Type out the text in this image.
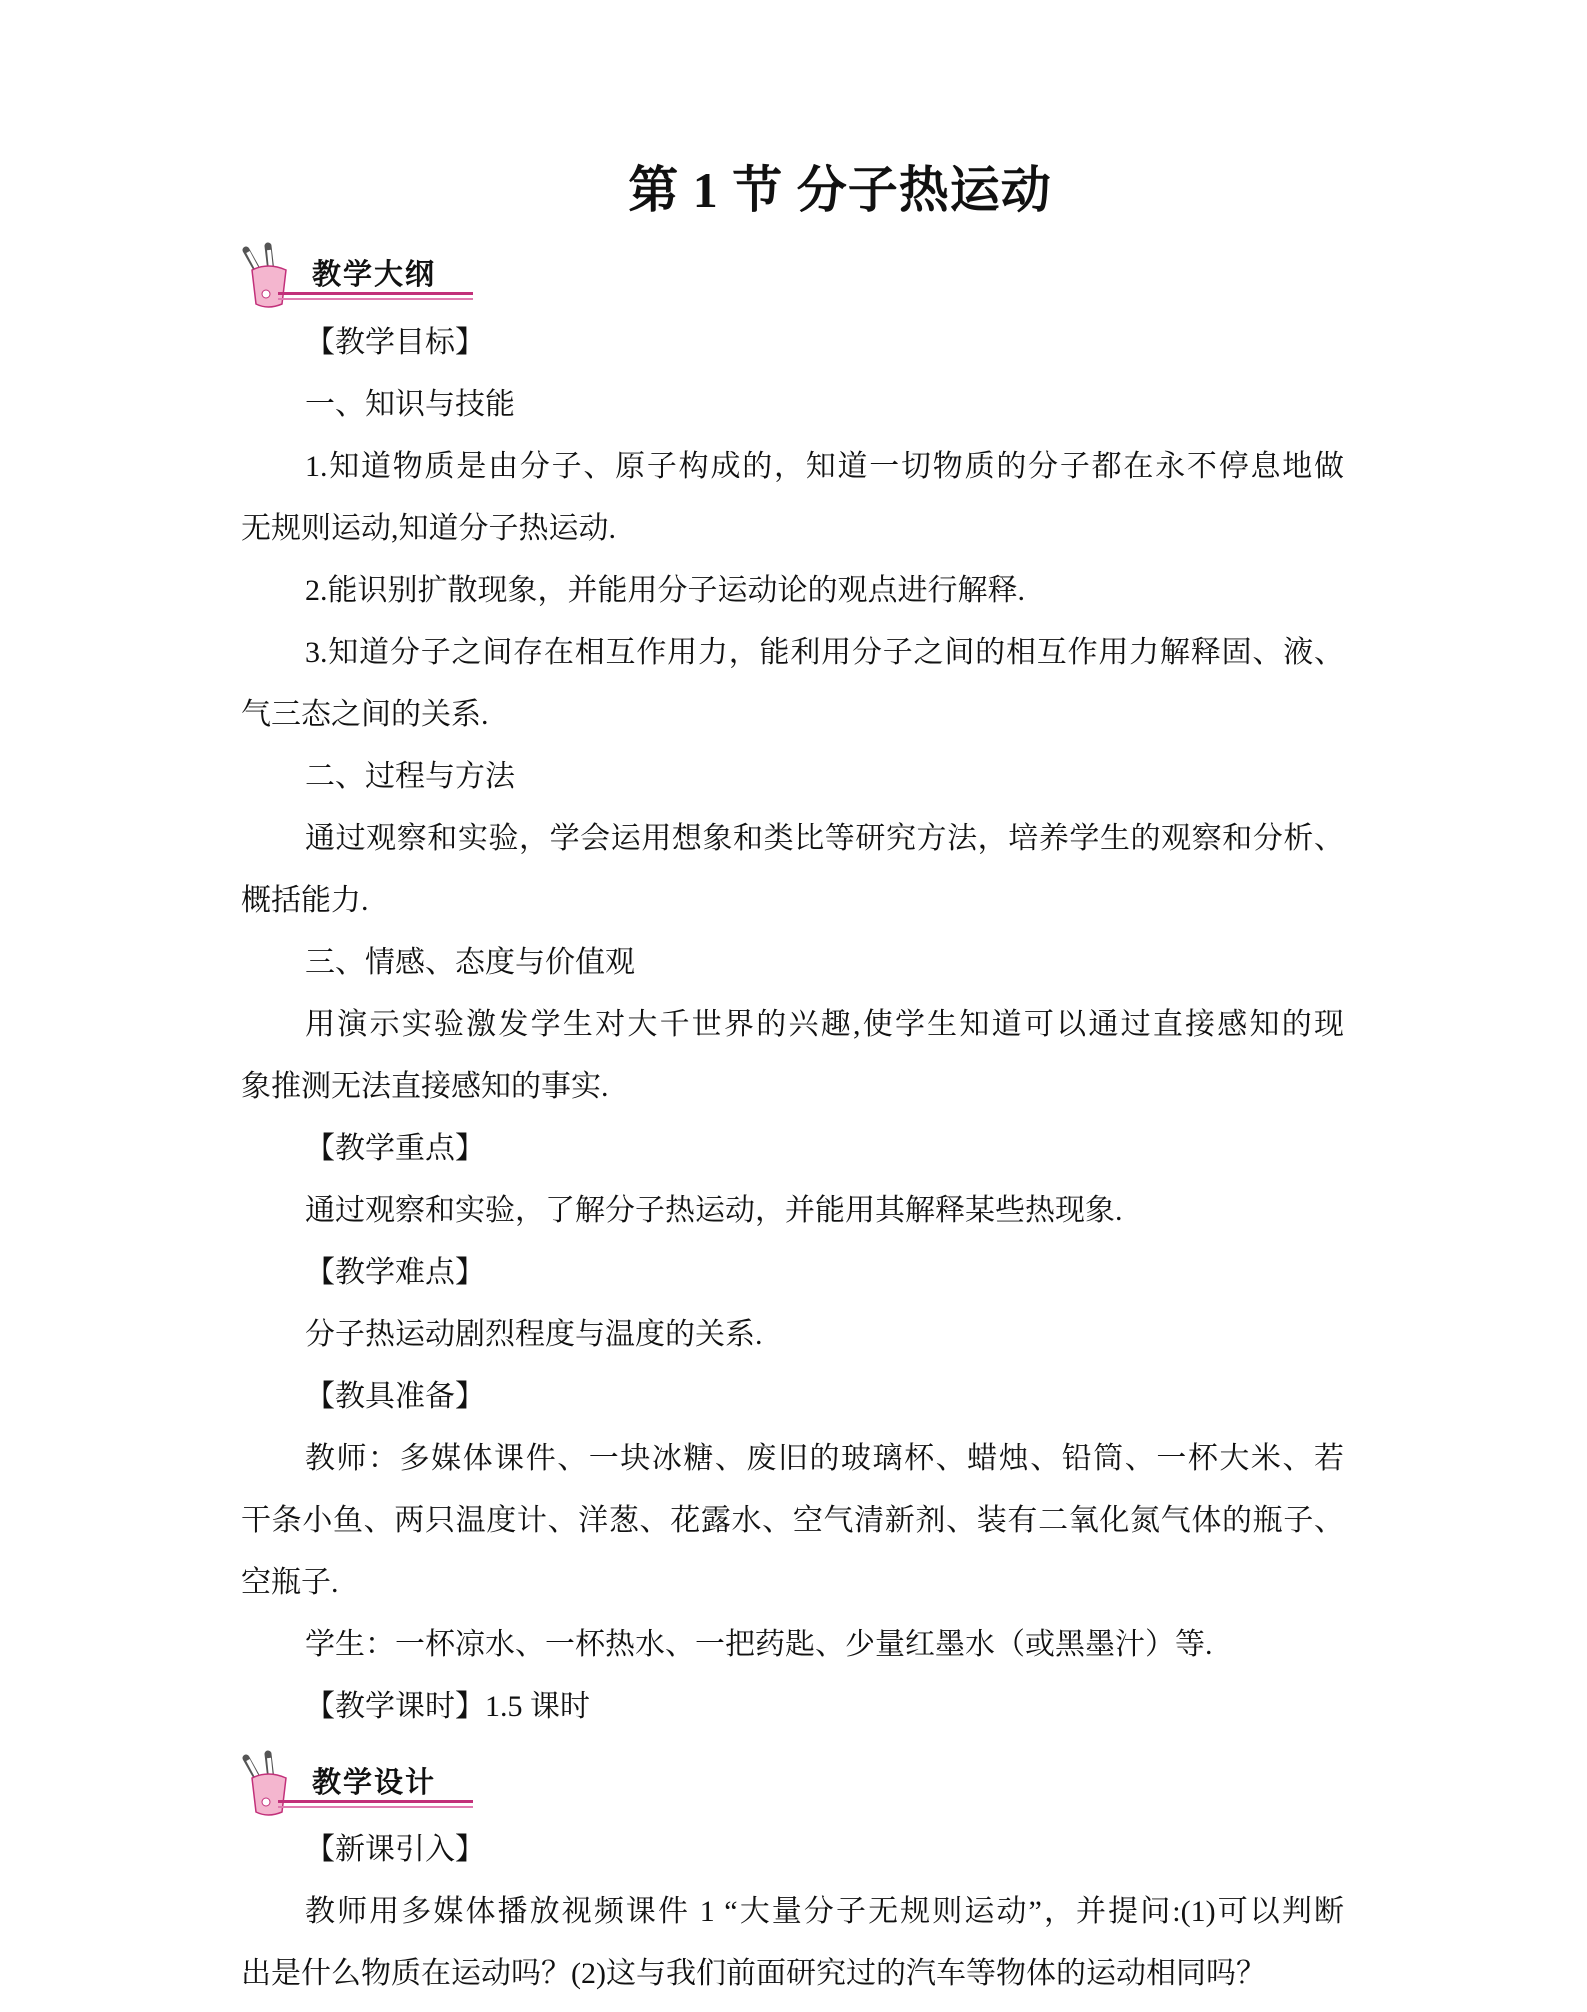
第 1 节 分子热运动
教学大纲
【教学目标】
一、知识与技能
1.知道物质是由分子、原子构成的，知道一切物质的分子都在永不停息地做
无规则运动,知道分子热运动.
2.能识别扩散现象，并能用分子运动论的观点进行解释.
3.知道分子之间存在相互作用力，能利用分子之间的相互作用力解释固、液、
气三态之间的关系.
二、过程与方法
通过观察和实验，学会运用想象和类比等研究方法，培养学生的观察和分析、
概括能力.
三、情感、态度与价值观
用演示实验激发学生对大千世界的兴趣,使学生知道可以通过直接感知的现
象推测无法直接感知的事实.
【教学重点】
通过观察和实验，了解分子热运动，并能用其解释某些热现象.
【教学难点】
分子热运动剧烈程度与温度的关系.
【教具准备】
教师：多媒体课件、一块冰糖、废旧的玻璃杯、蜡烛、铅筒、一杯大米、若
干条小鱼、两只温度计、洋葱、花露水、空气清新剂、装有二氧化氮气体的瓶子、
空瓶子.
学生：一杯凉水、一杯热水、一把药匙、少量红墨水（或黑墨汁）等.
【教学课时】1.5 课时
教学设计
【新课引入】
教师用多媒体播放视频课件 1 “大量分子无规则运动”，并提问:(1)可以判断
出是什么物质在运动吗？(2)这与我们前面研究过的汽车等物体的运动相同吗？
